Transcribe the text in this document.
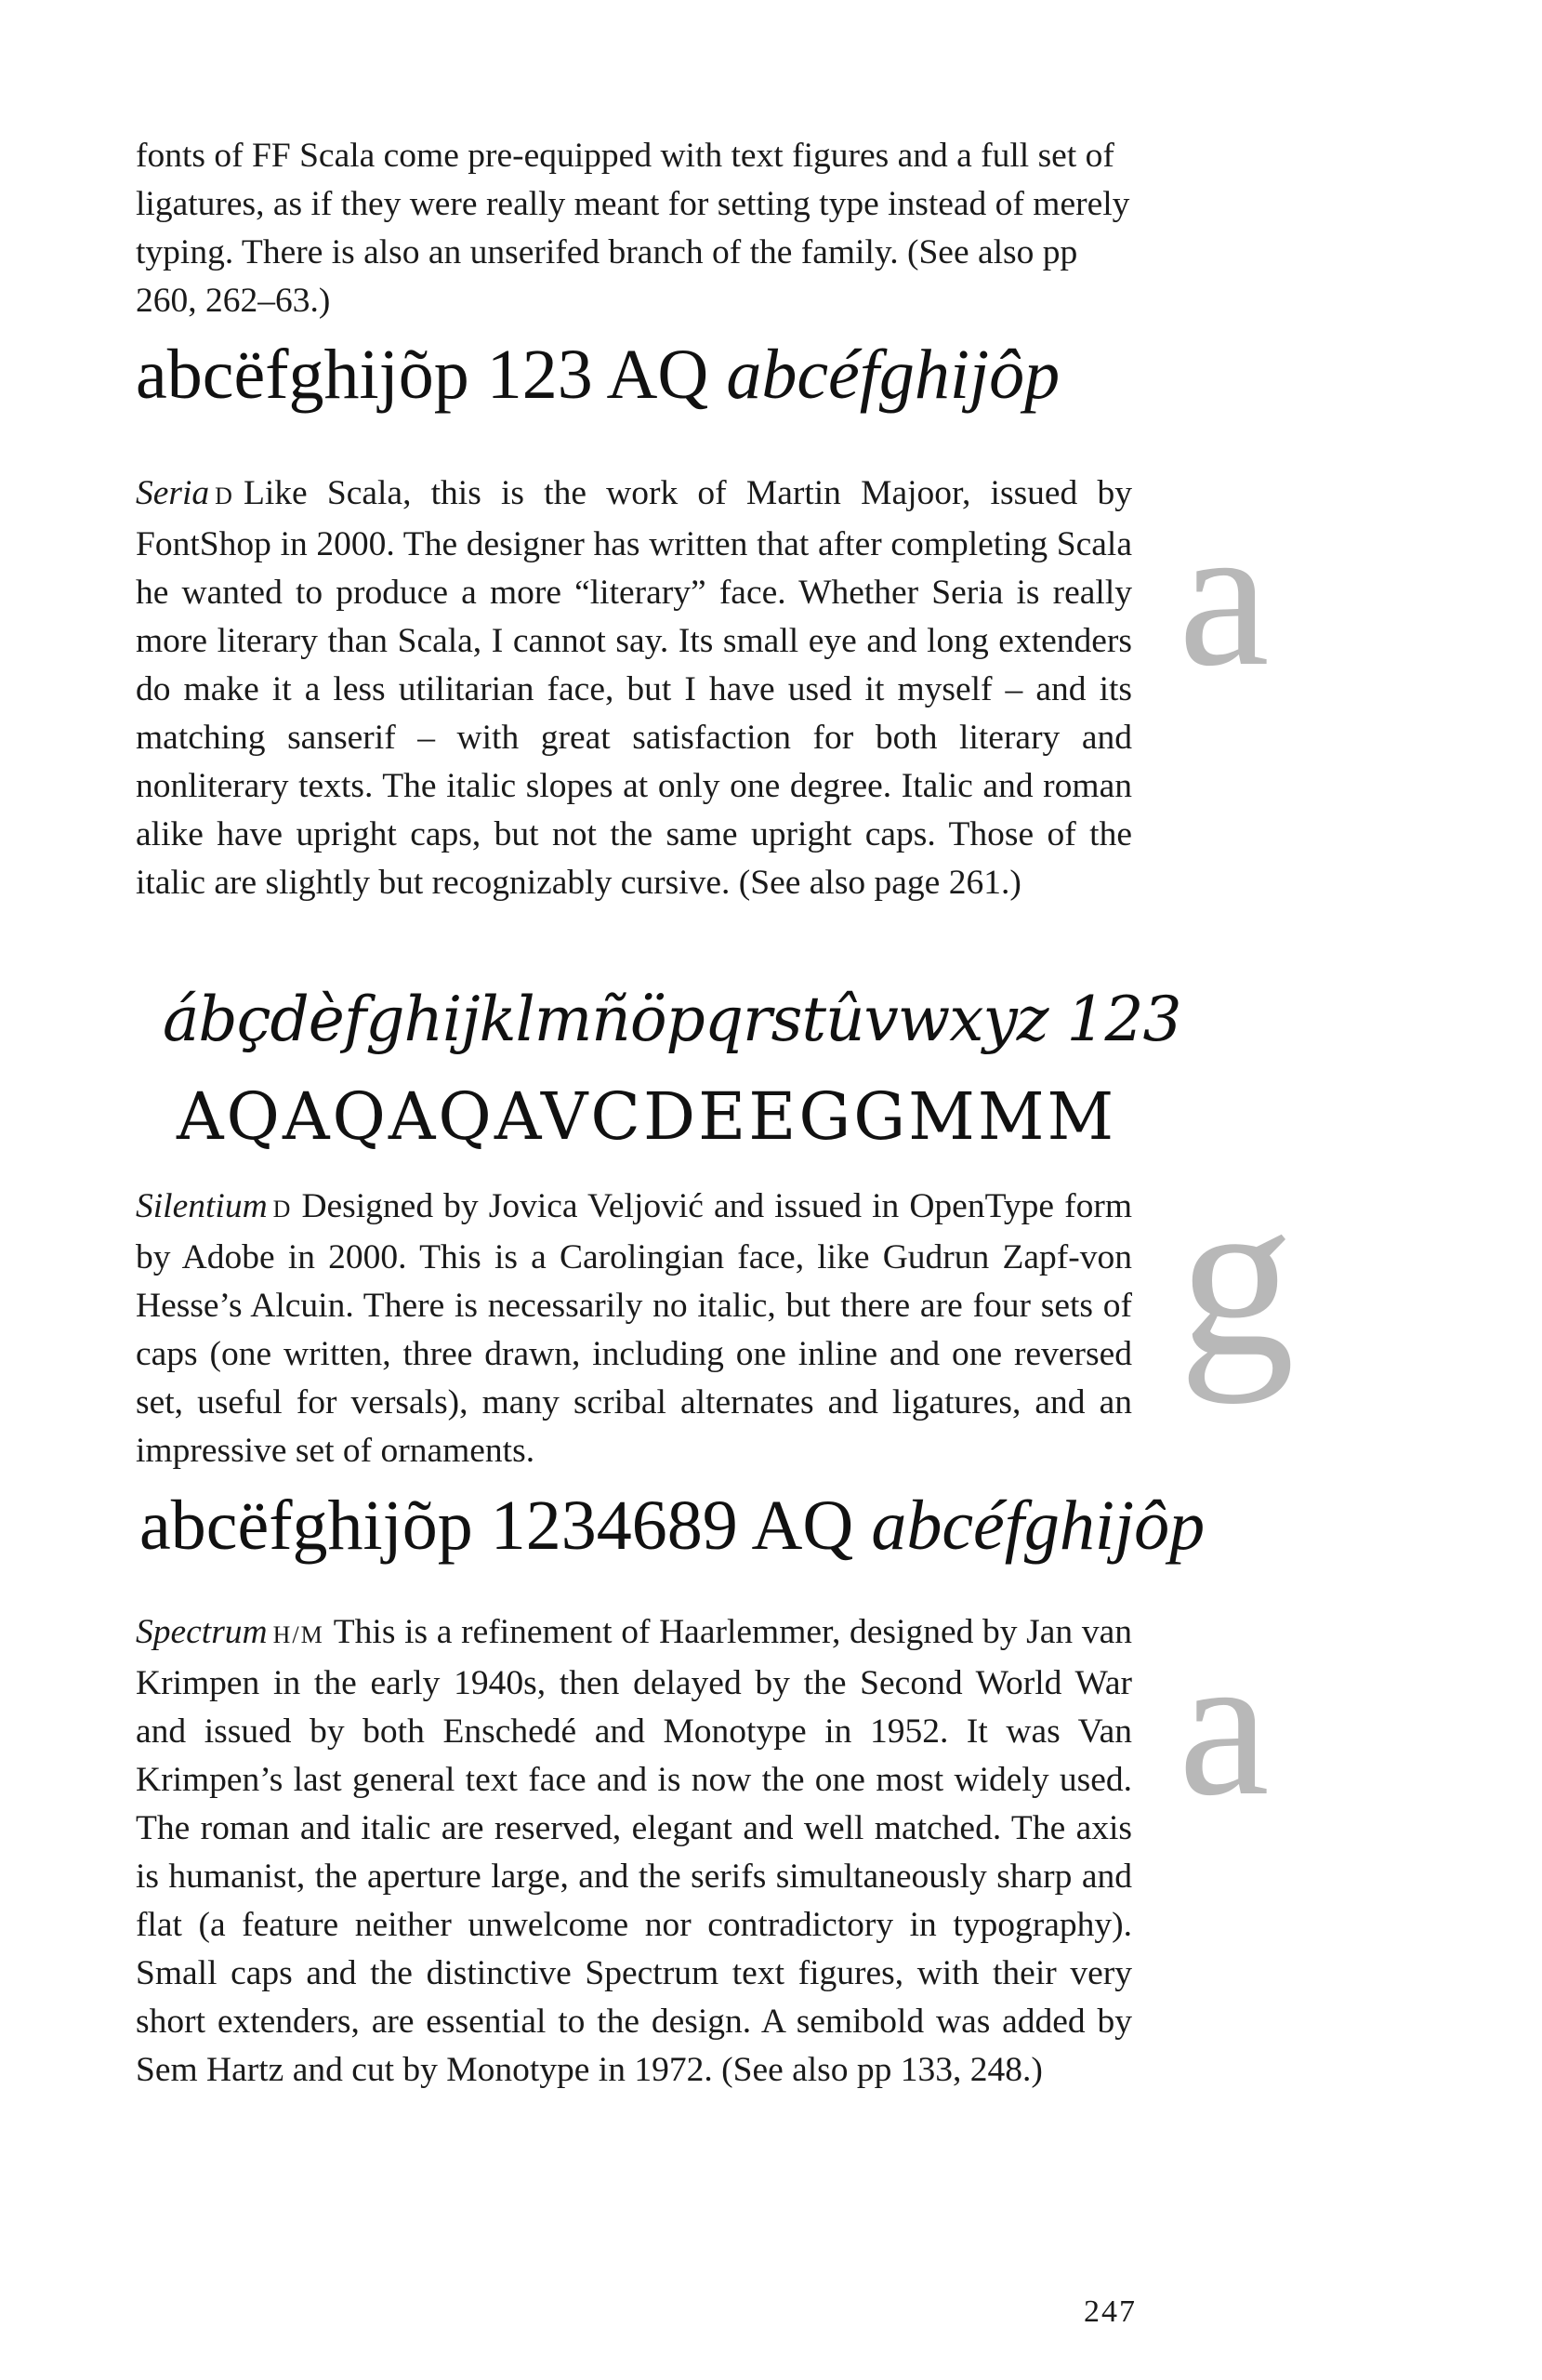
fonts of FF Scala come pre-equipped with text figures and a full set of ligatures, as if they were really meant for setting type instead of merely typing. There is also an unserifed branch of the family. (See also pp 260, 262–63.)

abcëfghijõp 123 AQ abcéfghijôp

Seria D Like Scala, this is the work of Martin Majoor, issued by FontShop in 2000. The designer has written that after completing Scala he wanted to produce a more “literary” face. Whether Seria is really more literary than Scala, I cannot say. Its small eye and long extenders do make it a less utilitarian face, but I have used it myself – and its matching sanserif – with great satisfaction for both literary and nonliterary texts. The italic slopes at only one degree. Italic and roman alike have upright caps, but not the same upright caps. Those of the italic are slightly but recognizably cursive. (See also page 261.)

a
ábçdèfghijklmñöpqrstûvwxyz 123
AQAQAQAVCDEEGGMMM

Silentium D Designed by Jovica Veljović and issued in OpenType form by Adobe in 2000. This is a Carolingian face, like Gudrun Zapf-von Hesse’s Alcuin. There is necessarily no italic, but there are four sets of caps (one written, three drawn, including one inline and one reversed set, useful for versals), many scribal alternates and ligatures, and an impressive set of ornaments.

g
abcëfghijõp 1234689 AQ abcéfghijôp

Spectrum H/M This is a refinement of Haarlemmer, designed by Jan van Krimpen in the early 1940s, then delayed by the Second World War and issued by both Enschedé and Monotype in 1952. It was Van Krimpen’s last general text face and is now the one most widely used. The roman and italic are reserved, elegant and well matched. The axis is humanist, the aperture large, and the serifs simultaneously sharp and flat (a feature neither unwelcome nor contradictory in typography). Small caps and the distinctive Spectrum text figures, with their very short extenders, are essential to the design. A semibold was added by Sem Hartz and cut by Monotype in 1972. (See also pp 133, 248.)

a
247
